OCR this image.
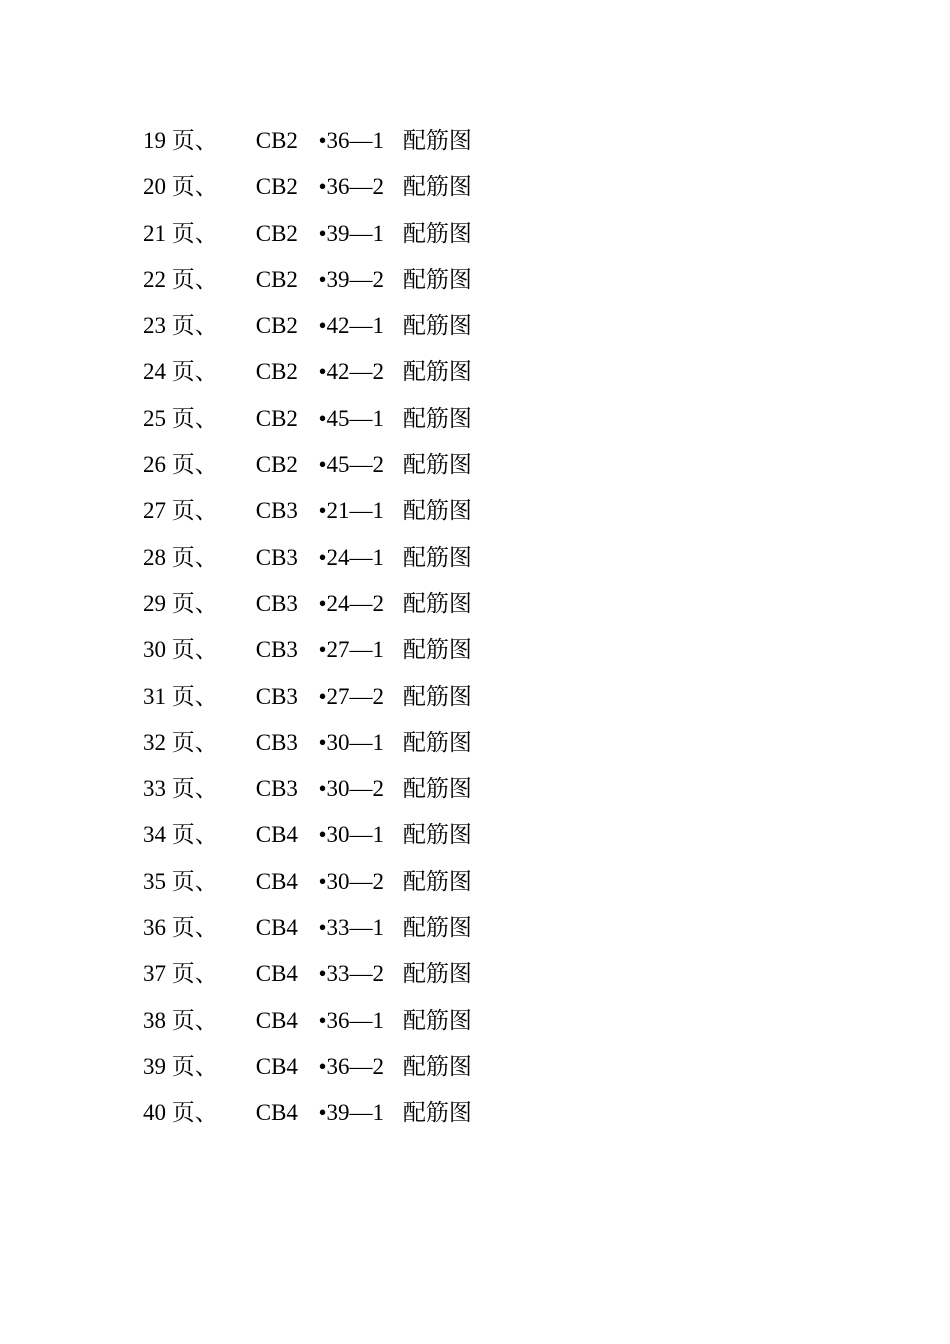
19 页、 CB2 •36—1 配筋图
20 页、 CB2 •36—2 配筋图
21 页、 CB2 •39—1 配筋图
22 页、 CB2 •39—2 配筋图
23 页、 CB2 •42—1 配筋图
24 页、 CB2 •42—2 配筋图
25 页、 CB2 •45—1 配筋图
26 页、 CB2 •45—2 配筋图
27 页、 CB3 •21—1 配筋图
28 页、 CB3 •24—1 配筋图
29 页、 CB3 •24—2 配筋图
30 页、 CB3 •27—1 配筋图
31 页、 CB3 •27—2 配筋图
32 页、 CB3 •30—1 配筋图
33 页、 CB3 •30—2 配筋图
34 页、 CB4 •30—1 配筋图
35 页、 CB4 •30—2 配筋图
36 页、 CB4 •33—1 配筋图
37 页、 CB4 •33—2 配筋图
38 页、 CB4 •36—1 配筋图
39 页、 CB4 •36—2 配筋图
40 页、 CB4 •39—1 配筋图
